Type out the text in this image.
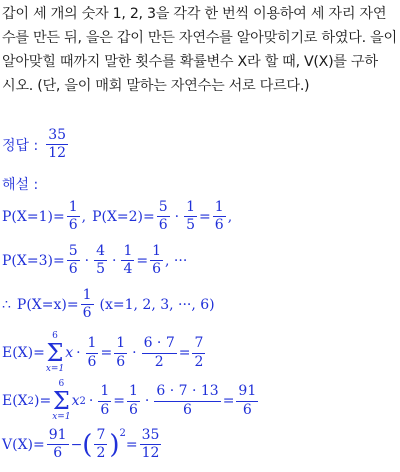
갑이 세 개의 숫자 1, 2, 3을 각각 한 번씩 이용하여 세 자리 자연
수를 만든 뒤, 을은 갑이 만든 자연수를 알아맞히기로 하였다. 을이
알아맞힐 때까지 말한 횟수를 확률변수 X라 할 때, V(X)를 구하
시오. (단, 을이 매회 말하는 자연수는 서로 다르다.)
정답 : $\frac{35}{12}$
해설 :
$P(X=1)= \frac{1}{6}$ , $P(X=2)= \frac{5}{6} \cdot \frac{1}{5} = \frac{1}{6}$ ,
$P(X=3)= \frac{5}{6} \cdot \frac{4}{5} \cdot \frac{1}{4} = \frac{1}{6}$ , ···
∴ $P(X=x)= \frac{1}{6} (x=1$, 2, 3, ···, 6)
E(X)=
6
Σ
x=1
$x \cdot \frac{1}{6} = \frac{1}{6} \cdot \frac{6 \cdot 7}{2} = \frac{7}{2}$
E(X 2 )=
6
Σ
x=1
x $2 \cdot \frac{1}{6} = \frac{1}{6} \cdot \frac{6 \cdot 7 \cdot 13}{6} = \frac{91}{6}$
$V(X)= \frac{91}{6}$ − ( $\frac{7}{2}$ ) 2
= $\frac{35}{12}$
